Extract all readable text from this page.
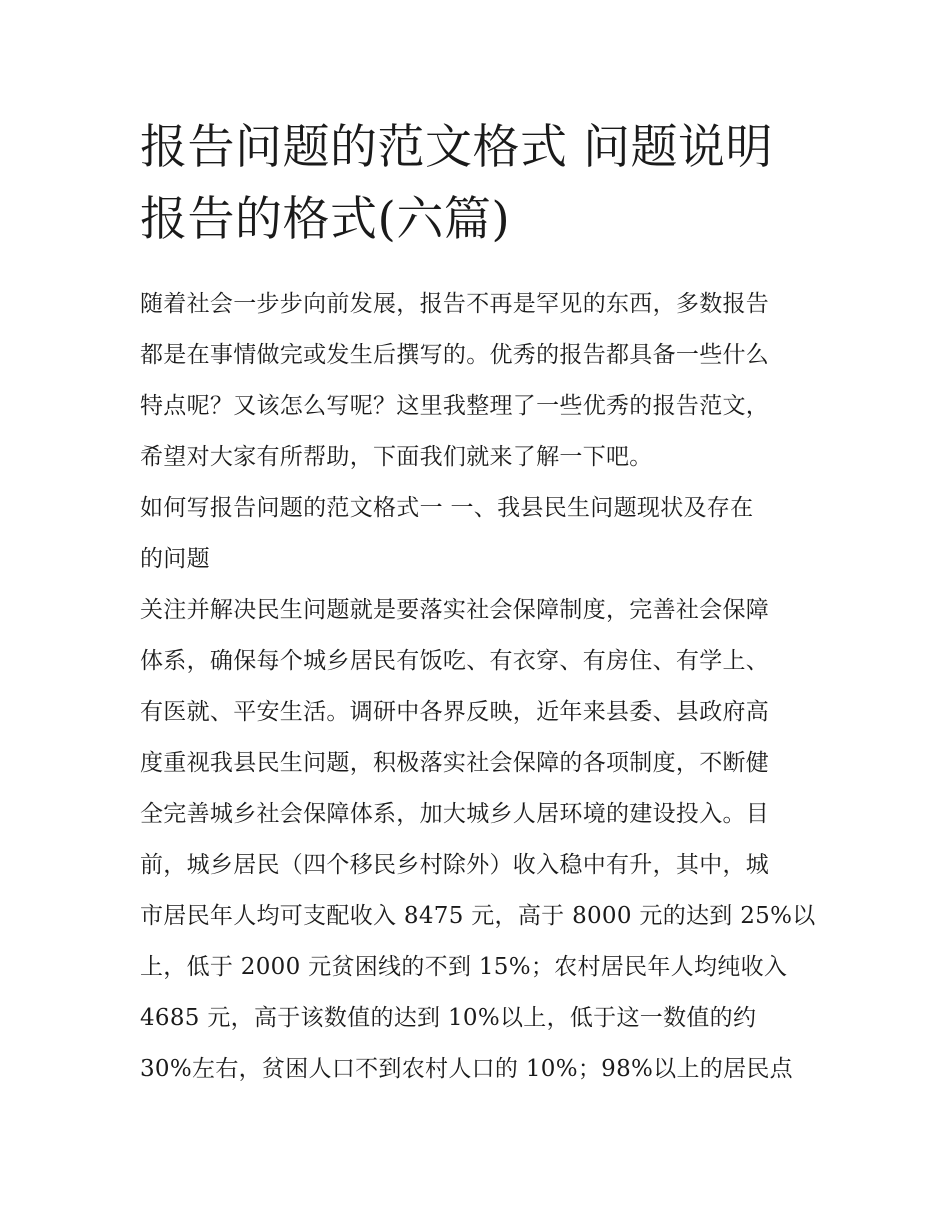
报告问题的范文格式 问题说明
报告的格式(六篇)
随着社会一步步向前发展，报告不再是罕见的东西，多数报告
都是在事情做完或发生后撰写的。优秀的报告都具备一些什么
特点呢？又该怎么写呢？这里我整理了一些优秀的报告范文，
希望对大家有所帮助，下面我们就来了解一下吧。
如何写报告问题的范文格式一 一、我县民生问题现状及存在
的问题
关注并解决民生问题就是要落实社会保障制度，完善社会保障
体系，确保每个城乡居民有饭吃、有衣穿、有房住、有学上、
有医就、平安生活。调研中各界反映，近年来县委、县政府高
度重视我县民生问题，积极落实社会保障的各项制度，不断健
全完善城乡社会保障体系，加大城乡人居环境的建设投入。目
前，城乡居民（四个移民乡村除外）收入稳中有升，其中，城
市居民年人均可支配收入 8475 元，高于 8000 元的达到 25%以
上，低于 2000 元贫困线的不到 15%；农村居民年人均纯收入
4685 元，高于该数值的达到 10%以上，低于这一数值的约
30%左右，贫困人口不到农村人口的 10%；98%以上的居民点
